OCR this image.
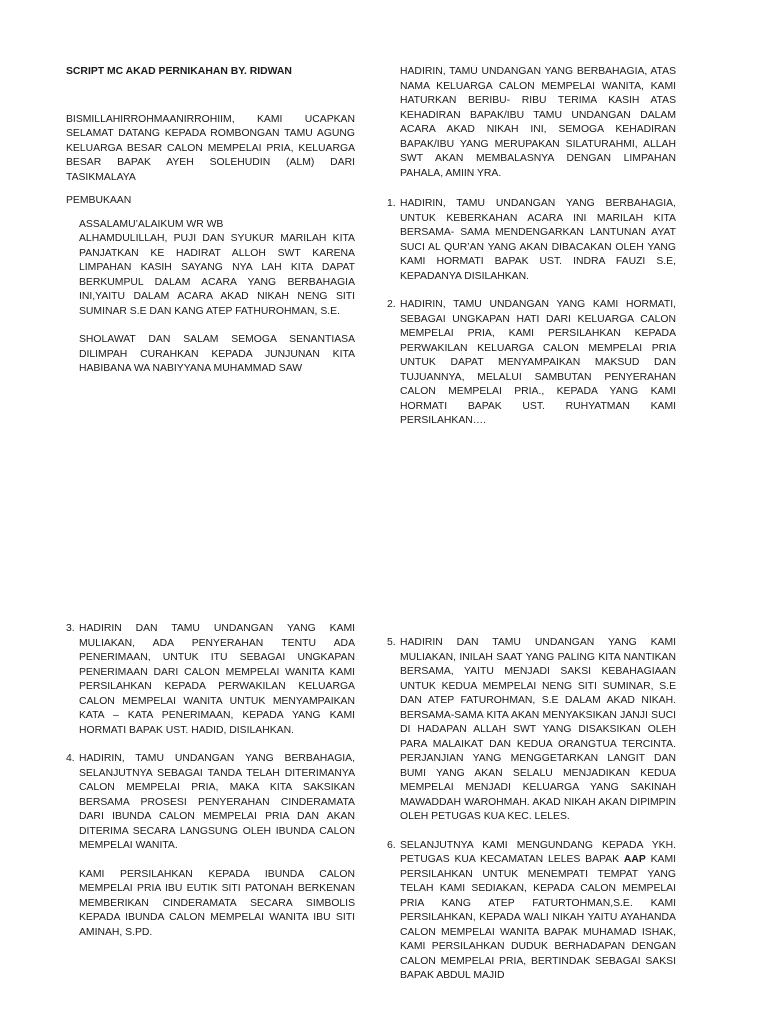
SCRIPT MC AKAD PERNIKAHAN BY. RIDWAN

BISMILLAHIRROHMAANIRROHIIM, KAMI UCAPKAN SELAMAT DATANG KEPADA ROMBONGAN TAMU AGUNG KELUARGA BESAR CALON MEMPELAI PRIA, KELUARGA BESAR BAPAK AYEH SOLEHUDIN (ALM) DARI TASIKMALAYA

PEMBUKAAN

ASSALAMU’ALAIKUM WR WB

ALHAMDULILLAH, PUJI DAN SYUKUR MARILAH KITA PANJATKAN KE HADIRAT ALLOH SWT KARENA LIMPAHAN KASIH SAYANG NYA LAH KITA DAPAT BERKUMPUL DALAM ACARA YANG BERBAHAGIA INI,YAITU DALAM ACARA AKAD NIKAH NENG SITI SUMINAR S.E DAN KANG ATEP FATHUROHMAN, S.E.

SHOLAWAT DAN SALAM SEMOGA SENANTIASA DILIMPAH CURAHKAN KEPADA JUNJUNAN KITA HABIBANA WA NABIYYANA MUHAMMAD SAW

HADIRIN, TAMU UNDANGAN YANG BERBAHAGIA, ATAS NAMA KELUARGA CALON MEMPELAI WANITA, KAMI HATURKAN BERIBU- RIBU TERIMA KASIH ATAS KEHADIRAN BAPAK/IBU TAMU UNDANGAN DALAM ACARA AKAD NIKAH INI, SEMOGA KEHADIRAN BAPAK/IBU YANG MERUPAKAN SILATURAHMI, ALLAH SWT AKAN MEMBALASNYA DENGAN LIMPAHAN PAHALA, AMIIN YRA.

1. HADIRIN, TAMU UNDANGAN YANG BERBAHAGIA, UNTUK KEBERKAHAN ACARA INI MARILAH KITA BERSAMA- SAMA MENDENGARKAN LANTUNAN AYAT SUCI AL QUR’AN YANG AKAN DIBACAKAN OLEH YANG KAMI HORMATI BAPAK UST. INDRA FAUZI S.E, KEPADANYA DISILAHKAN.

2. HADIRIN, TAMU UNDANGAN YANG KAMI HORMATI, SEBAGAI UNGKAPAN HATI DARI KELUARGA CALON MEMPELAI PRIA, KAMI PERSILAHKAN KEPADA PERWAKILAN KELUARGA CALON MEMPELAI PRIA UNTUK DAPAT MENYAMPAIKAN MAKSUD DAN TUJUANNYA, MELALUI SAMBUTAN PENYERAHAN CALON MEMPELAI PRIA., KEPADA YANG KAMI HORMATI BAPAK UST. RUHYATMAN KAMI PERSILAHKAN….

3. HADIRIN DAN TAMU UNDANGAN YANG KAMI MULIAKAN, ADA PENYERAHAN TENTU ADA PENERIMAAN, UNTUK ITU SEBAGAI UNGKAPAN PENERIMAAN DARI CALON MEMPELAI WANITA KAMI PERSILAHKAN KEPADA PERWAKILAN KELUARGA CALON MEMPELAI WANITA UNTUK MENYAMPAIKAN KATA – KATA PENERIMAAN, KEPADA YANG KAMI HORMATI BAPAK UST. HADID, DISILAHKAN.

4. HADIRIN, TAMU UNDANGAN YANG BERBAHAGIA, SELANJUTNYA SEBAGAI TANDA TELAH DITERIMANYA CALON MEMPELAI PRIA, MAKA KITA SAKSIKAN BERSAMA PROSESI PENYERAHAN CINDERAMATA DARI IBUNDA CALON MEMPELAI PRIA DAN AKAN DITERIMA SECARA LANGSUNG OLEH IBUNDA CALON MEMPELAI WANITA.

KAMI PERSILAHKAN KEPADA IBUNDA CALON MEMPELAI PRIA IBU EUTIK SITI PATONAH BERKENAN MEMBERIKAN CINDERAMATA SECARA SIMBOLIS KEPADA IBUNDA CALON MEMPELAI WANITA IBU SITI AMINAH, S.PD.

5. HADIRIN DAN TAMU UNDANGAN YANG KAMI MULIAKAN, INILAH SAAT YANG PALING KITA NANTIKAN BERSAMA, YAITU MENJADI SAKSI KEBAHAGIAAN UNTUK KEDUA MEMPELAI NENG SITI SUMINAR, S.E DAN ATEP FATUROHMAN, S.E DALAM AKAD NIKAH. BERSAMA-SAMA KITA AKAN MENYAKSIKAN JANJI SUCI DI HADAPAN ALLAH SWT YANG DISAKSIKAN OLEH PARA MALAIKAT DAN KEDUA ORANGTUA TERCINTA. PERJANJIAN YANG MENGGETARKAN LANGIT DAN BUMI YANG AKAN SELALU MENJADIKAN KEDUA MEMPELAI MENJADI KELUARGA YANG SAKINAH MAWADDAH WAROHMAH. AKAD NIKAH AKAN DIPIMPIN OLEH PETUGAS KUA KEC. LELES.

6. SELANJUTNYA KAMI MENGUNDANG KEPADA YKH. PETUGAS KUA KECAMATAN LELES BAPAK AAP KAMI PERSILAHKAN UNTUK MENEMPATI TEMPAT YANG TELAH KAMI SEDIAKAN, KEPADA CALON MEMPELAI PRIA KANG ATEP FATURTOHMAN,S.E. KAMI PERSILAHKAN, KEPADA WALI NIKAH YAITU AYAHANDA CALON MEMPELAI WANITA BAPAK MUHAMAD ISHAK, KAMI PERSILAHKAN DUDUK BERHADAPAN DENGAN CALON MEMPELAI PRIA, BERTINDAK SEBAGAI SAKSI BAPAK ABDUL MAJID
